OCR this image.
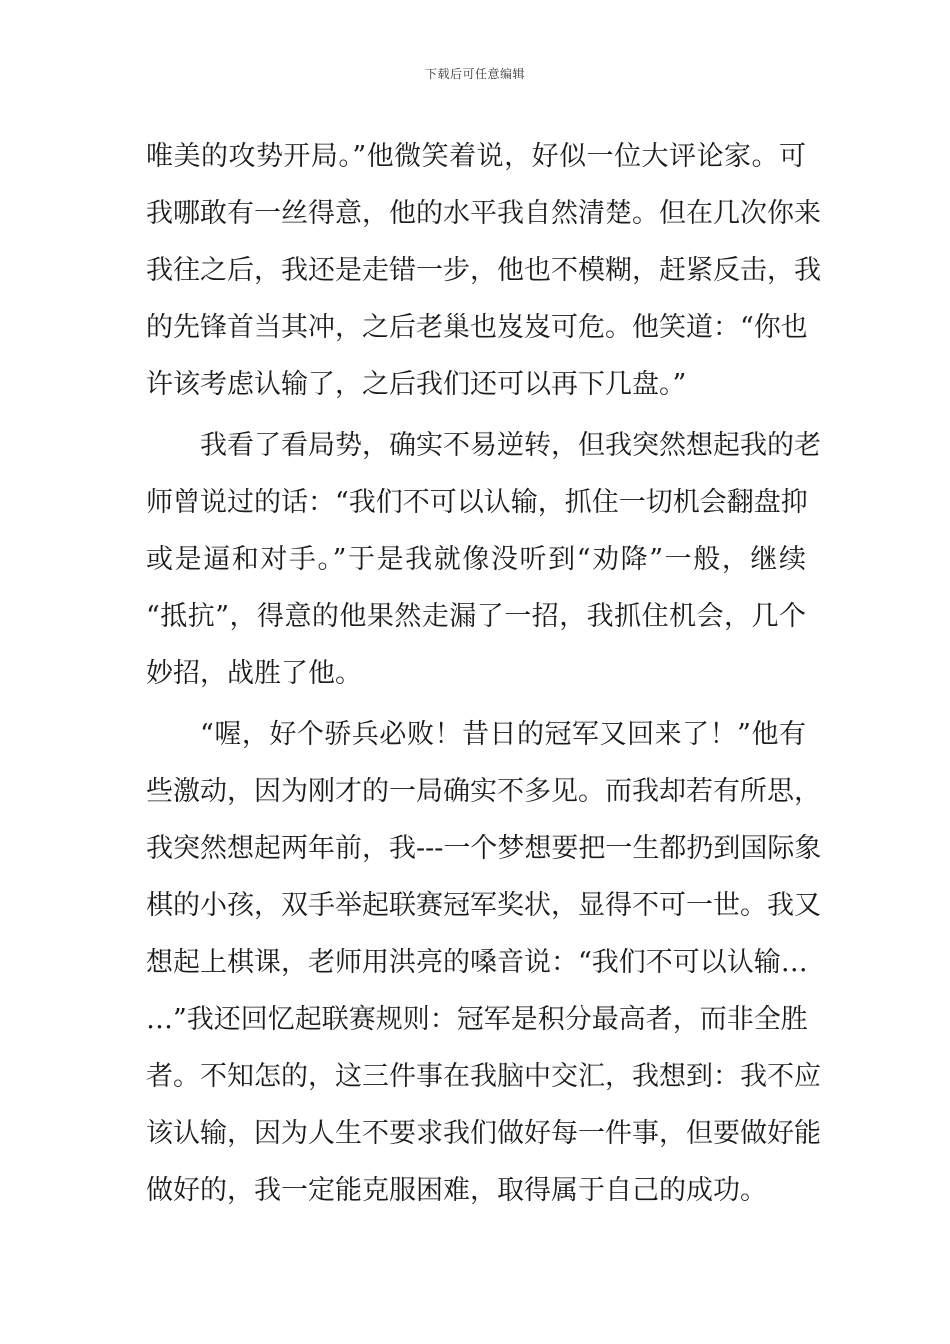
下载后可任意编辑
唯美的攻势开局。”他微笑着说，好似一位大评论家。可
我哪敢有一丝得意，他的水平我自然清楚。但在几次你来
我往之后，我还是走错一步，他也不模糊，赶紧反击，我
的先锋首当其冲，之后老巢也岌岌可危。他笑道：“你也
许该考虑认输了，之后我们还可以再下几盘。”
我看了看局势，确实不易逆转，但我突然想起我的老
师曾说过的话：“我们不可以认输，抓住一切机会翻盘抑
或是逼和对手。”于是我就像没听到“劝降”一般，继续
“抵抗”，得意的他果然走漏了一招，我抓住机会，几个
妙招，战胜了他。
“喔，好个骄兵必败！昔日的冠军又回来了！”他有
些激动，因为刚才的一局确实不多见。而我却若有所思，
我突然想起两年前，我---一个梦想要把一生都扔到国际象
棋的小孩，双手举起联赛冠军奖状，显得不可一世。我又
想起上棋课，老师用洪亮的嗓音说：“我们不可以认输…
…”我还回忆起联赛规则：冠军是积分最高者，而非全胜
者。不知怎的，这三件事在我脑中交汇，我想到：我不应
该认输，因为人生不要求我们做好每一件事，但要做好能
做好的，我一定能克服困难，取得属于自己的成功。
